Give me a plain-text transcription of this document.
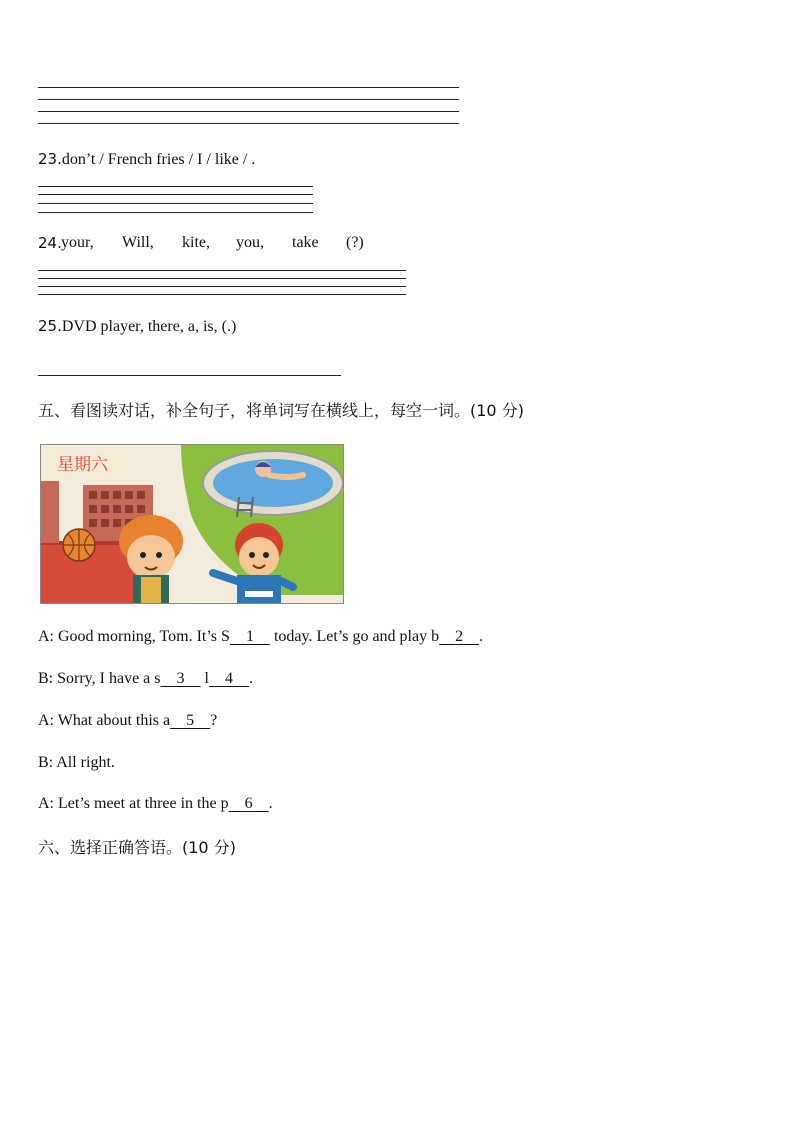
23.don’t / French fries / I / like / .
24. your, Will, kite, you, take (?)
25.DVD player, there, a, is, (.)
五、看图读对话，补全句子，将单词写在横线上，每空一词。(10 分)
星期六
A: Good morning, Tom. It’s S 1     today. Let’s go and play b 2 .
B: Sorry, I have a s 3     l 4 .
A: What about this a 5 ?
B: All right.
A: Let’s meet at three in the p 6 .
六、选择正确答语。(10 分)
